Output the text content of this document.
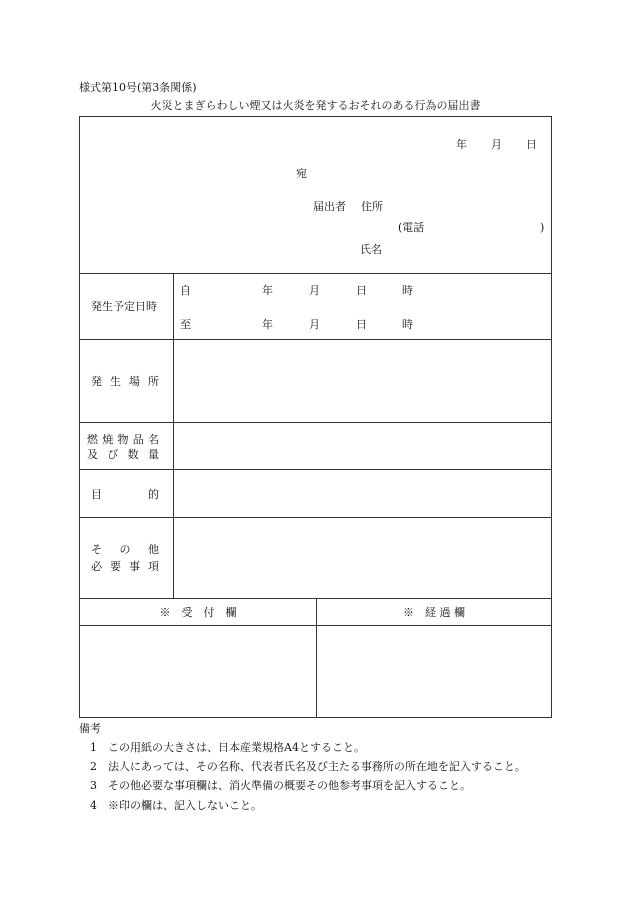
様式第10号(第3条関係)
火災とまぎらわしい煙又は火炎を発するおそれのある行為の届出書
年 月 日
宛
届出者 住所
(電話	)
氏名
発生予定日時
自	年	月	日	時
至	年	月	日	時
発 生 場 所
燃 焼 物 品 名
及 び 数 量
目	的
そ の 他
必 要 事 項
※　受　付　欄	※　経 過 欄
備考
1 この用紙の大きさは、日本産業規格A4とすること。
2 法人にあっては、その名称、代表者氏名及び主たる事務所の所在地を記入すること。
3 その他必要な事項欄は、消火準備の概要その他参考事項を記入すること。
4 ※印の欄は、記入しないこと。
